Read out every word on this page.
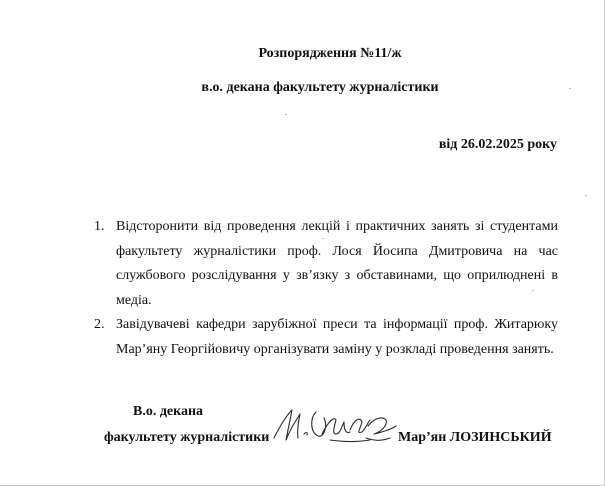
Розпорядження №11/ж
в.о. декана факультету журналістики
від 26.02.2025 року
1. Відсторонити від проведення лекцій і практичних занять зі студентами факультету журналістики проф. Лося Йосипа Дмитровича на час службового розслідування у зв’язку з обставинами, що оприлюднені в медіа.
2. Завідувачеві кафедри зарубіжної преси та інформації проф. Житарюку Мар’яну Георгійовичу організувати заміну у розкладі проведення занять.
В.о. декана
факультету журналістики	Мар’ян ЛОЗИНСЬКИЙ
